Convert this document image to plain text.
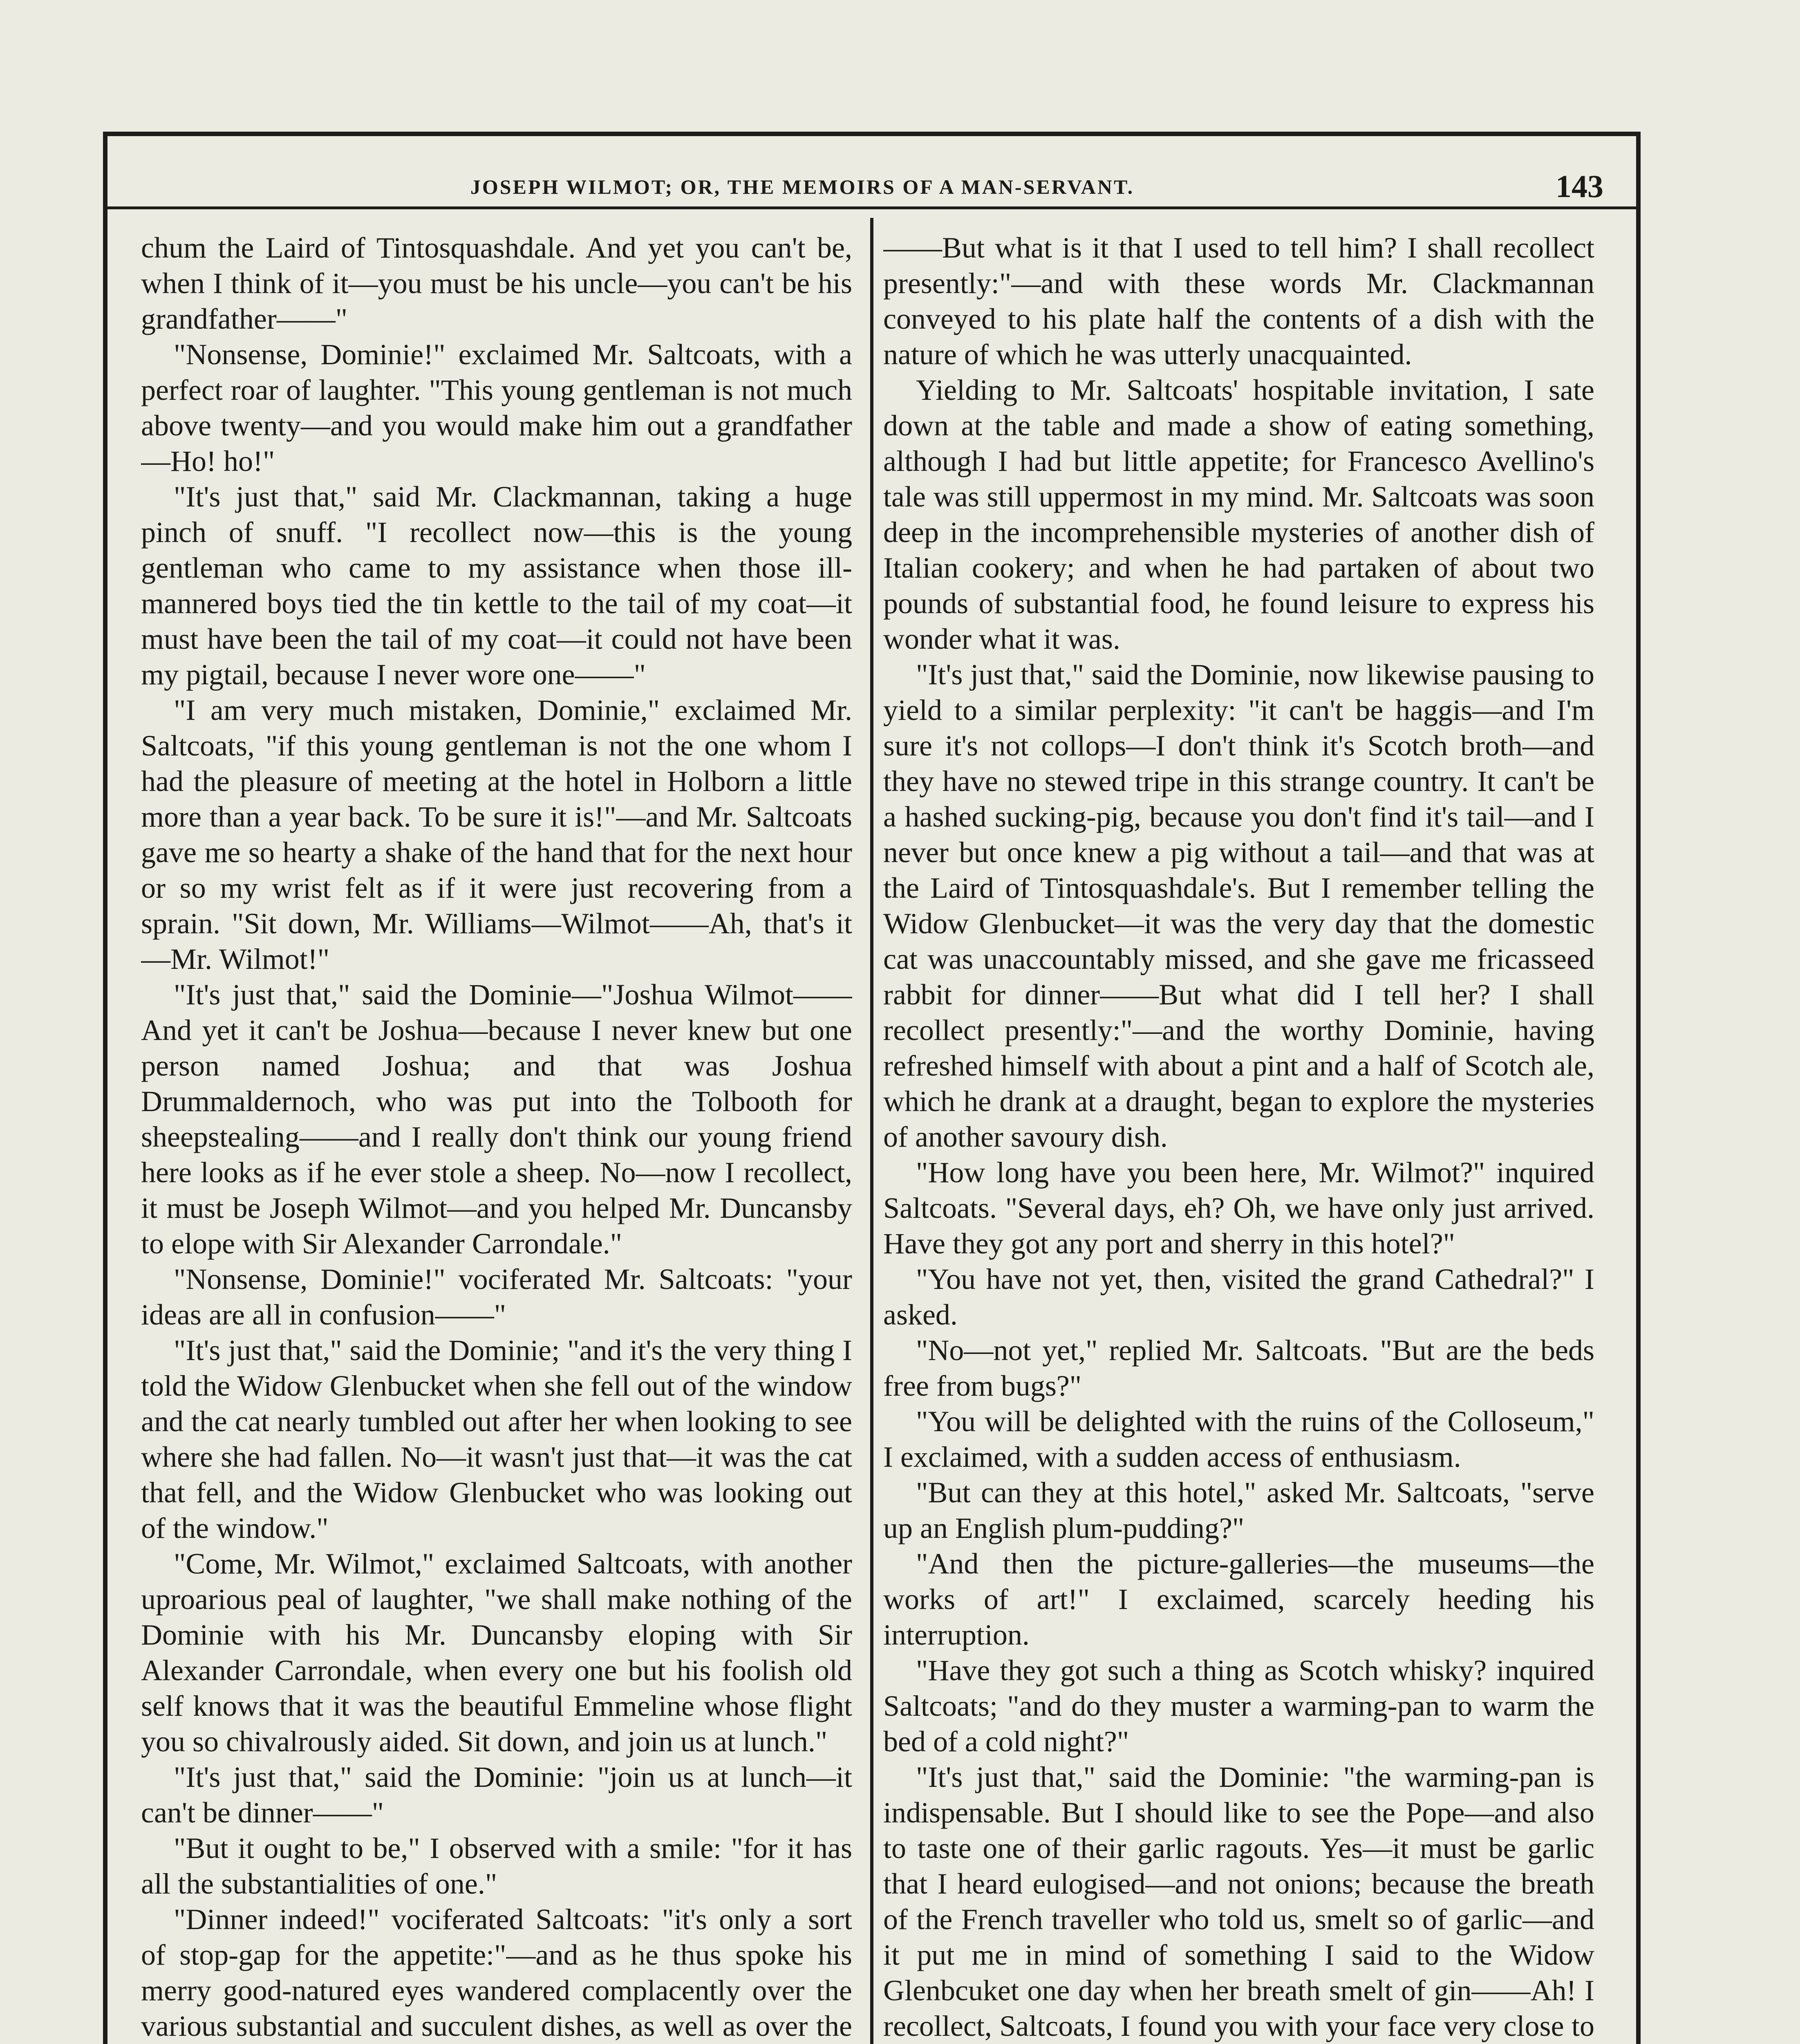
JOSEPH WILMOT; OR, THE MEMOIRS OF A MAN-SERVANT.	143

chum the Laird of Tintosquashdale. And yet you can't be, when I think of it—you must be his uncle—you can't be his grandfather——"

"Nonsense, Dominie!" exclaimed Mr. Saltcoats, with a perfect roar of laughter. "This young gentleman is not much above twenty—and you would make him out a grandfather—Ho! ho!"

"It's just that," said Mr. Clackmannan, taking a huge pinch of snuff. "I recollect now—this is the young gentleman who came to my assistance when those ill-mannered boys tied the tin kettle to the tail of my coat—it must have been the tail of my coat—it could not have been my pigtail, because I never wore one——"

"I am very much mistaken, Dominie," exclaimed Mr. Saltcoats, "if this young gentleman is not the one whom I had the pleasure of meeting at the hotel in Holborn a little more than a year back. To be sure it is!"—and Mr. Saltcoats gave me so hearty a shake of the hand that for the next hour or so my wrist felt as if it were just recovering from a sprain. "Sit down, Mr. Williams—Wilmot——Ah, that's it—Mr. Wilmot!"

"It's just that," said the Dominie—"Joshua Wilmot——And yet it can't be Joshua—because I never knew but one person named Joshua; and that was Joshua Drummaldernoch, who was put into the Tolbooth for sheepstealing——and I really don't think our young friend here looks as if he ever stole a sheep. No—now I recollect, it must be Joseph Wilmot—and you helped Mr. Duncansby to elope with Sir Alexander Carrondale."

"Nonsense, Dominie!" vociferated Mr. Saltcoats: "your ideas are all in confusion——"

"It's just that," said the Dominie; "and it's the very thing I told the Widow Glenbucket when she fell out of the window and the cat nearly tumbled out after her when looking to see where she had fallen. No—it wasn't just that—it was the cat that fell, and the Widow Glenbucket who was looking out of the window."

"Come, Mr. Wilmot," exclaimed Saltcoats, with another uproarious peal of laughter, "we shall make nothing of the Dominie with his Mr. Duncansby eloping with Sir Alexander Carrondale, when every one but his foolish old self knows that it was the beautiful Emmeline whose flight you so chivalrously aided. Sit down, and join us at lunch."

"It's just that," said the Dominie: "join us at lunch—it can't be dinner——"

"But it ought to be," I observed with a smile: "for it has all the substantialities of one."

"Dinner indeed!" vociferated Saltcoats: "it's only a sort of stop-gap for the appetite:"—and as he thus spoke his merry good-natured eyes wandered complacently over the various substantial and succulent dishes, as well as over the

——But what is it that I used to tell him? I shall recollect presently:"—and with these words Mr. Clackmannan conveyed to his plate half the contents of a dish with the nature of which he was utterly unacquainted.

Yielding to Mr. Saltcoats' hospitable invitation, I sate down at the table and made a show of eating something, although I had but little appetite; for Francesco Avellino's tale was still uppermost in my mind. Mr. Saltcoats was soon deep in the incomprehensible mysteries of another dish of Italian cookery; and when he had partaken of about two pounds of substantial food, he found leisure to express his wonder what it was.

"It's just that," said the Dominie, now likewise pausing to yield to a similar perplexity: "it can't be haggis—and I'm sure it's not collops—I don't think it's Scotch broth—and they have no stewed tripe in this strange country. It can't be a hashed sucking-pig, because you don't find it's tail—and I never but once knew a pig without a tail—and that was at the Laird of Tintosquashdale's. But I remember telling the Widow Glenbucket—it was the very day that the domestic cat was unaccountably missed, and she gave me fricasseed rabbit for dinner——But what did I tell her? I shall recollect presently:"—and the worthy Dominie, having refreshed himself with about a pint and a half of Scotch ale, which he drank at a draught, began to explore the mysteries of another savoury dish.

"How long have you been here, Mr. Wilmot?" inquired Saltcoats. "Several days, eh? Oh, we have only just arrived. Have they got any port and sherry in this hotel?"

"You have not yet, then, visited the grand Cathedral?" I asked.

"No—not yet," replied Mr. Saltcoats. "But are the beds free from bugs?"

"You will be delighted with the ruins of the Colloseum," I exclaimed, with a sudden access of enthusiasm.

"But can they at this hotel," asked Mr. Saltcoats, "serve up an English plum-pudding?"

"And then the picture-galleries—the museums—the works of art!" I exclaimed, scarcely heeding his interruption.

"Have they got such a thing as Scotch whisky? inquired Saltcoats; "and do they muster a warming-pan to warm the bed of a cold night?"

"It's just that," said the Dominie: "the warming-pan is indispensable. But I should like to see the Pope—and also to taste one of their garlic ragouts. Yes—it must be garlic that I heard eulogised—and not onions; because the breath of the French traveller who told us, smelt so of garlic—and it put me in mind of something I said to the Widow Glenbcuket one day when her breath smelt of gin——Ah! I recollect, Saltcoats, I found you with your face very close to
